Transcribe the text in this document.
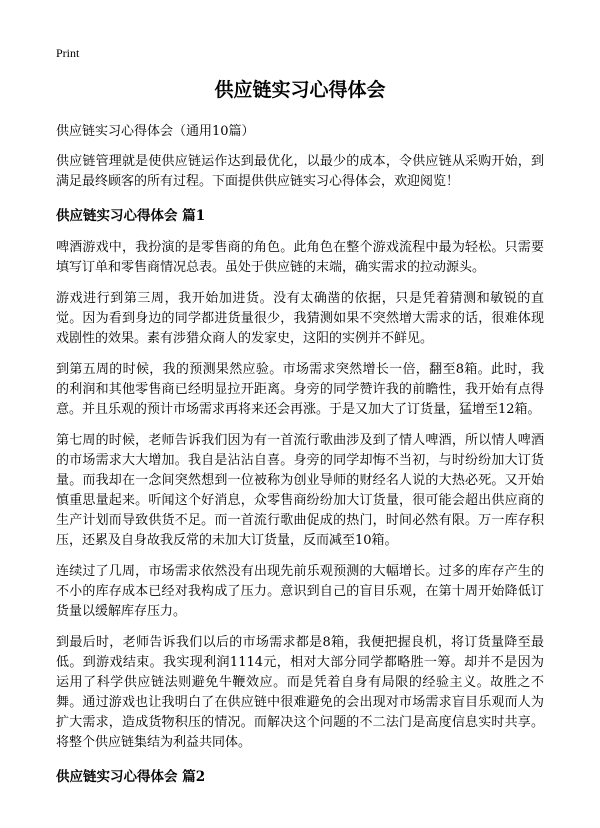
Print
供应链实习心得体会
供应链实习心得体会（通用10篇）

供应链管理就是使供应链运作达到最优化，以最少的成本，令供应链从采购开始，到满足最终顾客的所有过程。下面提供供应链实习心得体会，欢迎阅览！

供应链实习心得体会 篇1

啤酒游戏中，我扮演的是零售商的角色。此角色在整个游戏流程中最为轻松。只需要填写订单和零售商情况总表。虽处于供应链的末端，确实需求的拉动源头。

游戏进行到第三周，我开始加进货。没有太确凿的依据，只是凭着猜测和敏锐的直觉。因为看到身边的同学都进货量很少，我猜测如果不突然增大需求的话，很难体现戏剧性的效果。素有涉猎众商人的发家史，这阳的实例并不鲜见。

到第五周的时候，我的预测果然应验。市场需求突然增长一倍，翻至8箱。此时，我的利润和其他零售商已经明显拉开距离。身旁的同学赞许我的前瞻性，我开始有点得意。并且乐观的预计市场需求再将来还会再涨。于是又加大了订货量，猛增至12箱。

第七周的时候，老师告诉我们因为有一首流行歌曲涉及到了情人啤酒，所以情人啤酒的市场需求大大增加。我自是沾沾自喜。身旁的同学却悔不当初，与时纷纷加大订货量。而我却在一念间突然想到一位被称为创业导师的财经名人说的大热必死。又开始慎重思量起来。听闻这个好消息，众零售商纷纷加大订货量，很可能会超出供应商的生产计划而导致供货不足。而一首流行歌曲促成的热门，时间必然有限。万一库存积压，还累及自身故我反常的未加大订货量，反而减至10箱。

连续过了几周，市场需求依然没有出现先前乐观预测的大幅增长。过多的库存产生的不小的库存成本已经对我构成了压力。意识到自己的盲目乐观，在第十周开始降低订货量以缓解库存压力。

到最后时，老师告诉我们以后的市场需求都是8箱，我便把握良机，将订货量降至最低。到游戏结束。我实现利润1114元，相对大部分同学都略胜一筹。却并不是因为运用了科学供应链法则避免牛鞭效应。而是凭着自身有局限的经验主义。故胜之不舞。通过游戏也让我明白了在供应链中很难避免的会出现对市场需求盲目乐观而人为扩大需求，造成货物积压的情况。而解决这个问题的不二法门是高度信息实时共享。将整个供应链集结为利益共同体。

供应链实习心得体会 篇2
